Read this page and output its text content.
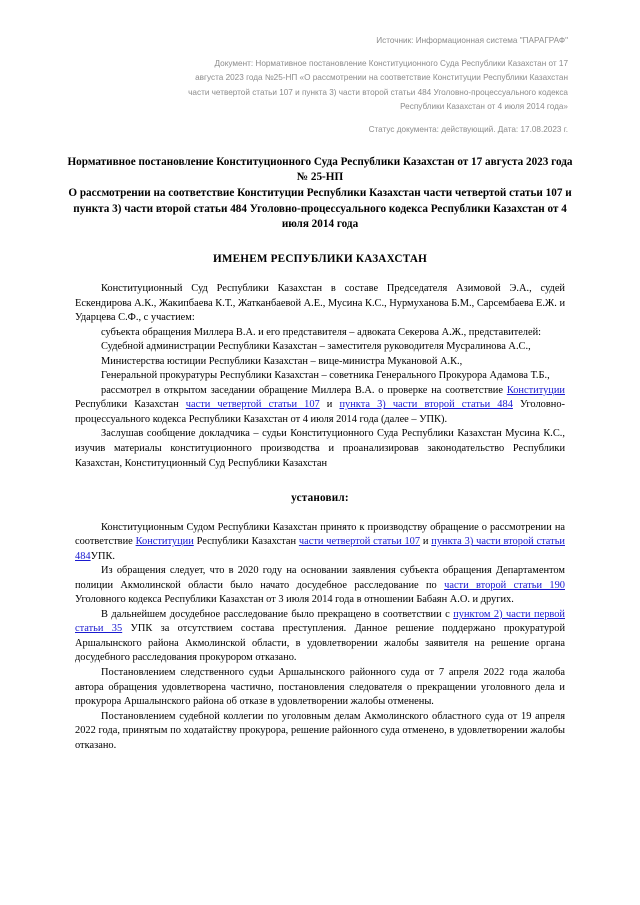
Источник: Информационная система "ПАРАГРАФ"
Документ: Нормативное постановление Конституционного Суда Республики Казахстан от 17
августа 2023 года №25-НП «О рассмотрении на соответствие Конституции Республики Казахстан
части четвертой статьи 107 и пункта 3) части второй статьи 484 Уголовно-процессуального кодекса
Республики Казахстан от 4 июля 2014 года»
Статус документа: действующий. Дата: 17.08.2023 г.
Нормативное постановление Конституционного Суда Республики Казахстан от 17 августа 2023 года № 25-НП
О рассмотрении на соответствие Конституции Республики Казахстан части четвертой статьи 107 и пункта 3) части второй статьи 484 Уголовно-процессуального кодекса Республики Казахстан от 4 июля 2014 года
ИМЕНЕМ РЕСПУБЛИКИ КАЗАХСТАН

Конституционный Суд Республики Казахстан в составе Председателя Азимовой Э.А., судей Ескендирова А.К., Жакипбаева К.Т., Жатканбаевой А.Е., Мусина К.С., Нурмуханова Б.М., Сарсембаева Е.Ж. и Ударцева С.Ф., с участием:

субъекта обращения Миллера В.А. и его представителя – адвоката Секерова А.Ж., представителей:

Судебной администрации Республики Казахстан – заместителя руководителя Мусралинова А.С.,

Министерства юстиции Республики Казахстан – вице-министра Мукановой А.К.,

Генеральной прокуратуры Республики Казахстан – советника Генерального Прокурора Адамова Т.Б.,

рассмотрел в открытом заседании обращение Миллера В.А. о проверке на соответствие Конституции Республики Казахстан части четвертой статьи 107 и пункта 3) части второй статьи 484 Уголовно-процессуального кодекса Республики Казахстан от 4 июля 2014 года (далее – УПК).

Заслушав сообщение докладчика – судьи Конституционного Суда Республики Казахстан Мусина К.С., изучив материалы конституционного производства и проанализировав законодательство Республики Казахстан, Конституционный Суд Республики Казахстан

установил:

Конституционным Судом Республики Казахстан принято к производству обращение о рассмотрении на соответствие Конституции Республики Казахстан части четвертой статьи 107 и пункта 3) части второй статьи 484УПК.

Из обращения следует, что в 2020 году на основании заявления субъекта обращения Департаментом полиции Акмолинской области было начато досудебное расследование по части второй статьи 190 Уголовного кодекса Республики Казахстан от 3 июля 2014 года в отношении Бабаян А.О. и других.

В дальнейшем досудебное расследование было прекращено в соответствии с пунктом 2) части первой статьи 35 УПК за отсутствием состава преступления. Данное решение поддержано прокуратурой Аршалынского района Акмолинской области, в удовлетворении жалобы заявителя на решение органа досудебного расследования прокурором отказано.

Постановлением следственного судьи Аршалынского районного суда от 7 апреля 2022 года жалоба автора обращения удовлетворена частично, постановления следователя о прекращении уголовного дела и прокурора Аршалынского района об отказе в удовлетворении жалобы отменены.

Постановлением судебной коллегии по уголовным делам Акмолинского областного суда от 19 апреля 2022 года, принятым по ходатайству прокурора, решение районного суда отменено, в удовлетворении жалобы отказано.
